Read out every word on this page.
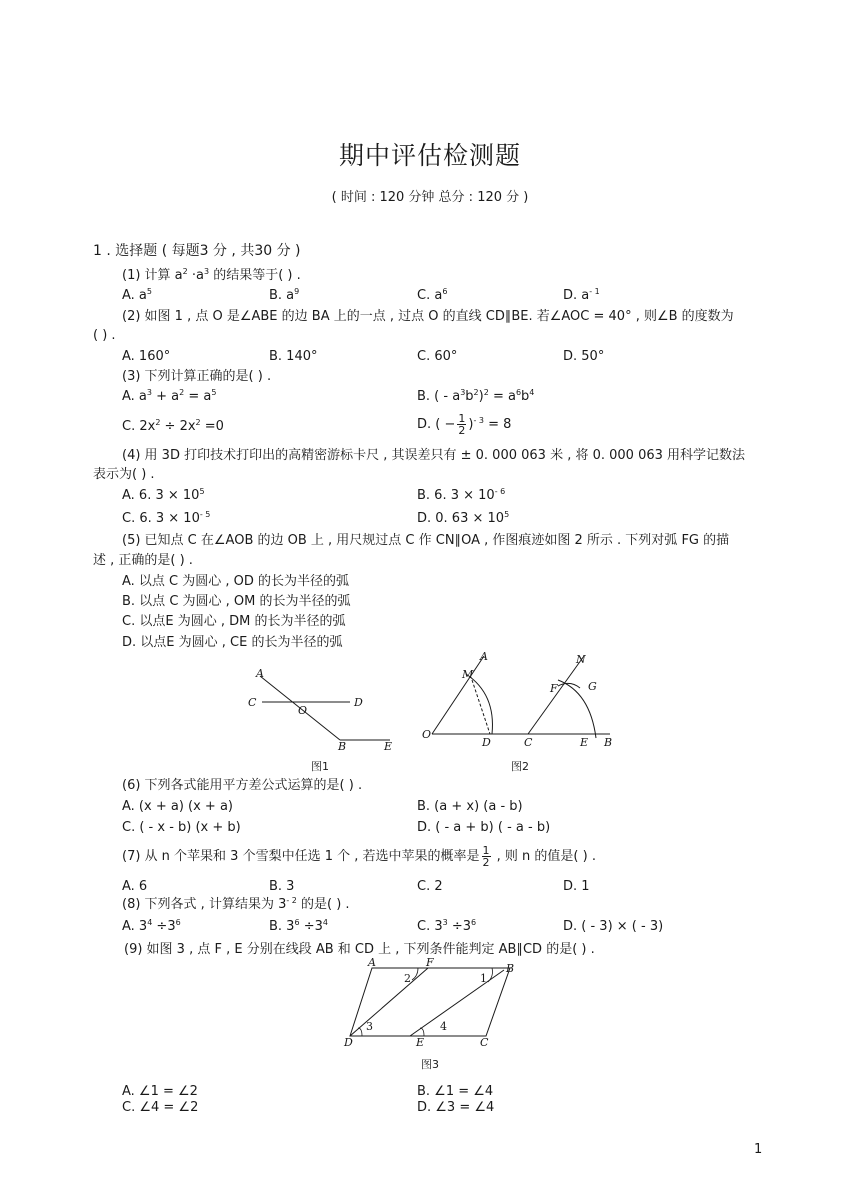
期中评估检测题
( 时间 : 120 分钟 总分 : 120 分 )
1 . 选择题 ( 每题3 分 , 共30 分 )
(1) 计算 $a^2 \cdot a^3$ 的结果等于( ) .
A. $a^5$	B. $a^9$	C. $a^6$	D. $a^{- 1}$
(2) 如图 1 , 点 O 是∠ABE 的边 BA 上的一点 , 过点 O 的直线 CD∥BE. 若∠AOC = 40° , 则∠B 的度数为
( ) .
A. 160°	B. 140°	C. 60°	D. 50°
(3) 下列计算正确的是( ) .
A. $a^3 + a^2 = a^5$	B. ( - $a^3b^2)^2 = a^6b^4$
C. $2x^2 \div 2x^2 =0$	D. ( − $\frac{1}{2} )^{- 3} = 8$
(4) 用 3D 打印技术打印出的高精密游标卡尺 , 其误差只有 ± 0. 000 063 米 , 将 0. 000 063 用科学记数法
表示为( ) .
A. 6. $3 \times 10^5$	B. 6. $3 \times 10^{- 6}$
C. 6. $3 \times 10^{- 5}$	D. 0. $63 \times 10^5$
(5) 已知点 C 在∠AOB 的边 OB 上 , 用尺规过点 C 作 CN∥OA , 作图痕迹如图 2 所示 . 下列对弧 FG 的描
述 , 正确的是( ) .
A. 以点 C 为圆心 , OD 的长为半径的弧
B. 以点 C 为圆心 , OM 的长为半径的弧
C. 以点E 为圆心 , DM 的长为半径的弧
D. 以点E 为圆心 , CE 的长为半径的弧
A
C
O
D
B	E
图1
A
M
O
D	C
N
F	G
E B
图2
(6) 下列各式能用平方差公式运算的是( ) .
A. (x + a) (x + a)	B. (a + x) (a - b)
C. ( - x - b) (x + b)	D. ( - a + b) ( - a - b)
(7) 从 n 个苹果和 3 个雪梨中任选 1 个 , 若选中苹果的概率是 $\frac{1}{2}$ , 则 n 的值是( ) .
A. 6	B. 3	C. 2	D. 1
(8) 下列各式 , 计算结果为 $3^{- 2}$ 的是( ) .
A. $3^4 \div 3^6$	B. $3^6 \div 3^4$	C. $3^3 \div 3^6$	D. ( - 3) × ( - 3)
(9) 如图 3 , 点 F , E 分别在线段 AB 和 CD 上 , 下列条件能判定 AB∥CD 的是( ) .
A	F	B
D	E	C
1
2
3	4
图3
A. ∠1 = ∠2	B. ∠1 = ∠4
C. ∠4 = ∠2	D. ∠3 = ∠4
1
